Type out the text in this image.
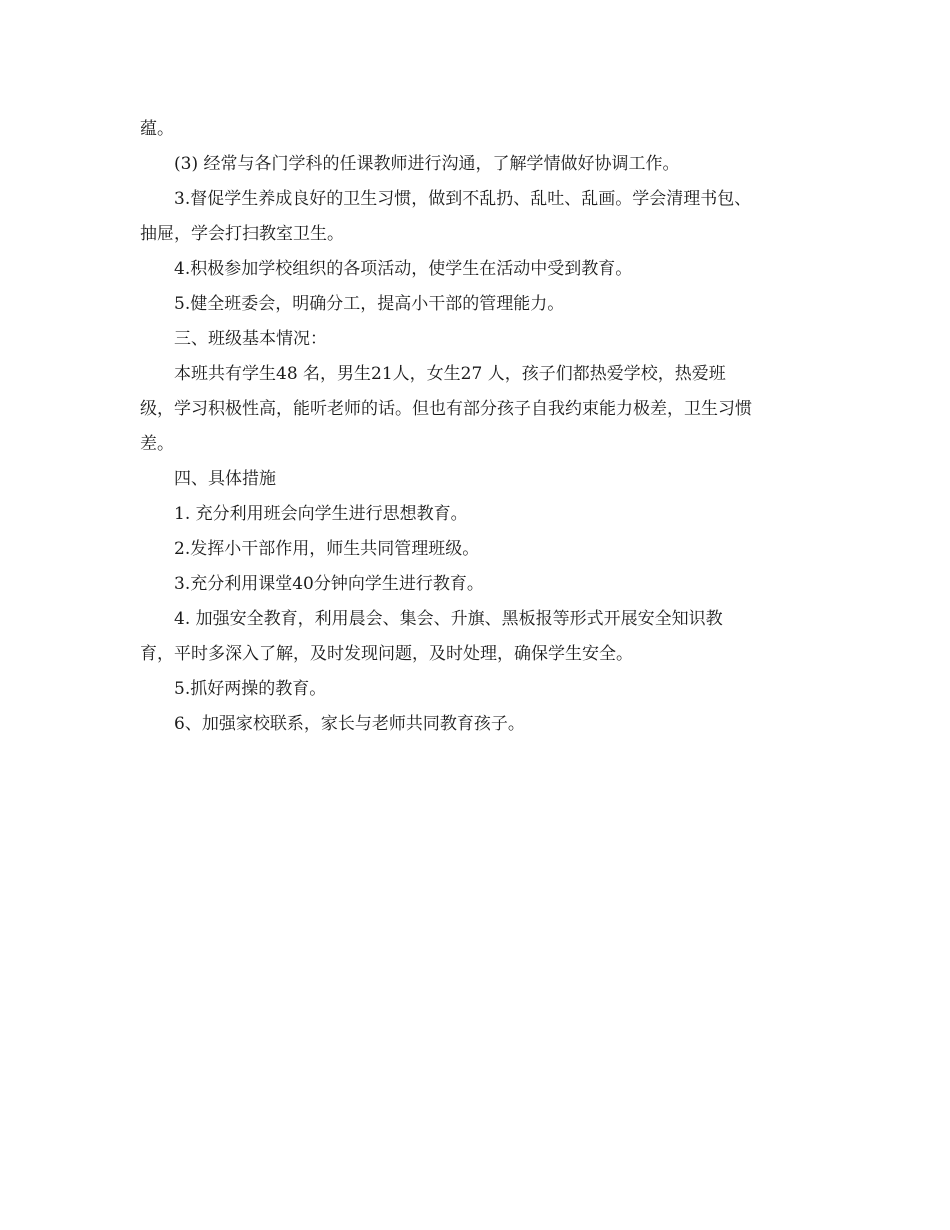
蕴。

(3) 经常与各门学科的任课教师进行沟通，了解学情做好协调工作。

3.督促学生养成良好的卫生习惯，做到不乱扔、乱吐、乱画。学会清理书包、

抽屉，学会打扫教室卫生。

4.积极参加学校组织的各项活动，使学生在活动中受到教育。

5.健全班委会，明确分工，提高小干部的管理能力。

三、班级基本情况：

本班共有学生48 名，男生21人，女生27 人，孩子们都热爱学校，热爱班

级，学习积极性高，能听老师的话。但也有部分孩子自我约束能力极差，卫生习惯

差。

四、具体措施

1. 充分利用班会向学生进行思想教育。

2.发挥小干部作用，师生共同管理班级。

3.充分利用课堂40分钟向学生进行教育。

4. 加强安全教育，利用晨会、集会、升旗、黑板报等形式开展安全知识教

育，平时多深入了解，及时发现问题，及时处理，确保学生安全。

5.抓好两操的教育。

6、加强家校联系，家长与老师共同教育孩子。
